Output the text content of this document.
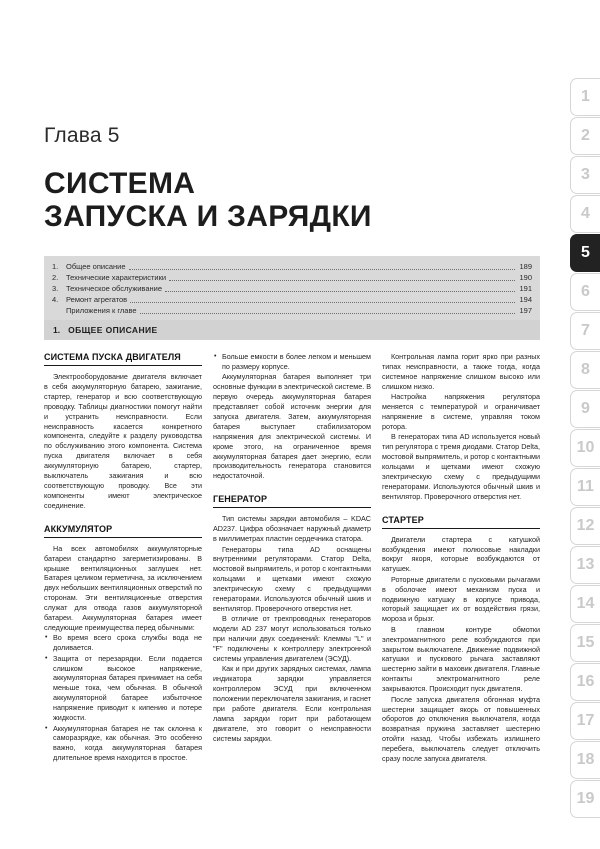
Глава 5
СИСТЕМА
ЗАПУСКА И ЗАРЯДКИ
1.	Общее описание	189
2.	Технические характеристики	190
3.	Техническое обслуживание	191
4.	Ремонт агрегатов	194
Приложения к главе	197
1. ОБЩЕЕ ОПИСАНИЕ
СИСТЕМА ПУСКА ДВИГАТЕЛЯ

Электрооборудование двигателя включает в себя аккумуляторную батарею, зажигание, стартер, генератор и всю соответствующую проводку. Таблицы диагностики помогут найти и устранить неисправности. Если неисправность касается конкретного компонента, следуйте к разделу руководства по обслуживанию этого компонента. Система пуска двигателя включает в себя аккумуляторную батарею, стартер, выключатель зажигания и всю соответствующую проводку. Все эти компоненты имеют электрическое соединение.

АККУМУЛЯТОР

На всех автомобилях аккумуляторные батареи стандартно загерметизированы. В крышке вентиляционных заглушек нет. Батарея целиком герметична, за исключением двух небольших вентиляционных отверстий по сторонам. Эти вентиляционные отверстия служат для отвода газов аккумуляторной батареи. Аккумуляторная батарея имеет следующие преимущества перед обычными:

• Во время всего срока службы вода не доливается.

• Защита от перезарядки. Если подается слишком высокое напряжение, аккумуляторная батарея принимает на себя меньше тока, чем обычная. В обычной аккумуляторной батарее избыточное напряжение приводит к кипению и потере жидкости.

• Аккумуляторная батарея не так склонна к саморазрядке, как обычная. Это особенно важно, когда аккумуляторная батарея длительное время находится в простое.

• Больше емкости в более легком и меньшем по размеру корпусе.

Аккумуляторная батарея выполняет три основные функции в электрической системе. В первую очередь аккумуляторная батарея представляет собой источник энергии для запуска двигателя. Затем, аккумуляторная батарея выступает стабилизатором напряжения для электрической системы. И кроме этого, на ограниченное время аккумуляторная батарея дает энергию, если производительность генератора становится недостаточной.

ГЕНЕРАТОР

Тип системы зарядки автомобиля – KDAC AD237. Цифра обозначает наружный диаметр в миллиметрах пластин сердечника статора.

Генераторы типа AD оснащены внутренними регуляторами. Статор Delta, мостовой выпрямитель, и ротор с контактными кольцами и щетками имеют схожую электрическую схему с предыдущими генераторами. Используются обычный шкив и вентилятор. Проверочного отверстия нет.

В отличие от трехпроводных генераторов модели AD 237 могут использоваться только при наличии двух соединений: Клеммы "L" и "F" подключены к контроллеру электронной системы управления двигателем (ЭСУД).

Как и при других зарядных системах, лампа индикатора зарядки управляется контроллером ЭСУД при включенном положении переключателя зажигания, и гаснет при работе двигателя. Если контрольная лампа зарядки горит при работающем двигателе, это говорит о неисправности системы зарядки.

Контрольная лампа горит ярко при разных типах неисправности, а также тогда, когда системное напряжение слишком высоко или слишком низко.

Настройка напряжения регулятора меняется с температурой и ограничивает напряжение в системе, управляя током ротора.

В генераторах типа AD используется новый тип регулятора с тремя диодами. Статор Delta, мостовой выпрямитель, и ротор с контактными кольцами и щетками имеют схожую электрическую схему с предыдущими генераторами. Используются обычный шкив и вентилятор. Проверочного отверстия нет.

СТАРТЕР

Двигатели стартера с катушкой возбуждения имеют полюсовые накладки вокруг якоря, которые возбуждаются от катушек.

Роторные двигатели с пусковыми рычагами в оболочке имеют механизм пуска и подвижную катушку в корпусе привода, который защищает их от воздействия грязи, мороза и брызг.

В главном контуре обмотки электромагнитного реле возбуждаются при закрытом выключателе. Движение подвижной катушки и пускового рычага заставляют шестерню зайти в маховик двигателя. Главные контакты электромагнитного реле закрываются. Происходит пуск двигателя.

После запуска двигателя обгонная муфта шестерни защищает якорь от повышенных оборотов до отключения выключателя, когда возвратная пружина заставляет шестерню отойти назад. Чтобы избежать излишнего перебега, выключатель следует отключить сразу после запуска двигателя.

1
2
3
4
5
6
7
8
9
10
11
12
13
14
15
16
17
18
19
